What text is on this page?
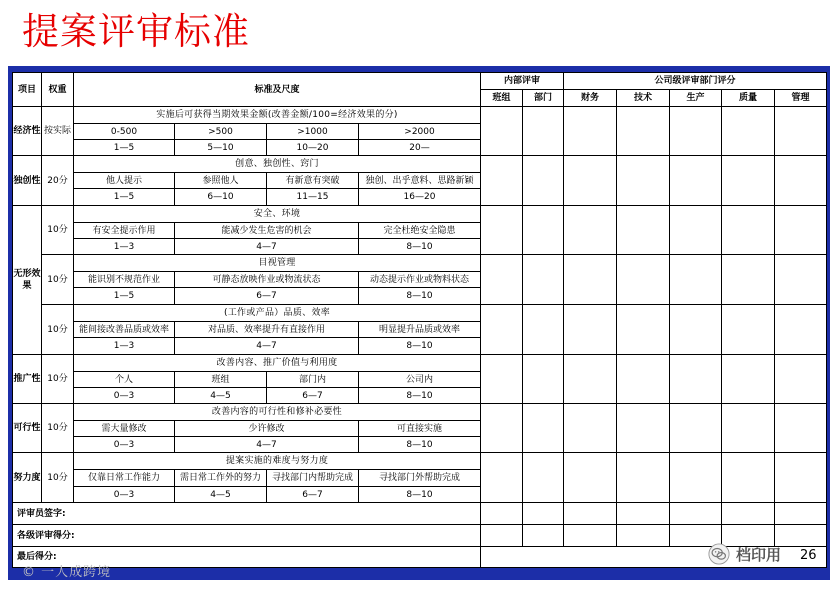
提案评审标准
项目	权重	标准及尺度				内部评审		公司级评审部门评分				
						班组	部门	财务	技术	生产	质量	管理
经济性	按实际	实施后可获得当期效果金额(改善金额/100=经济效果的分)										
		0-500	>500	>1000	>2000							
		1—5	5—10	10—20	20—							
独创性	20分	创意、独创性、窍门										
		他人提示	参照他人	有新意有突破	独创、出乎意料、思路新颖							
		1—5	6—10	11—15	16—20							
无形效果	10分	安全、环境										
		有安全提示作用	能减少发生危害的机会		完全杜绝安全隐患							
		1—3	4—7		8—10							
	10分	目视管理										
		能识别不规范作业	可静态放映作业或物流状态		动态提示作业或物料状态							
		1—5	6—7		8—10							
	10分	(工作或产品）品质、效率										
		能间接改善品质或效率	对品质、效率提升有直接作用		明显提升品质或效率							
		1—3	4—7		8—10							
推广性	10分	改善内容、推广价值与利用度										
		个人	班组	部门内	公司内							
		0—3	4—5	6—7	8—10							
可行性	10分	改善内容的可行性和修补必要性										
		需大量修改	少许修改		可直接实施							
		0—3	4—7		8—10							
努力度	10分	提案实施的难度与努力度										
		仅靠日常工作能力	需日常工作外的努力	寻找部门内帮助完成	寻找部门外帮助完成							
		0—3	4—5	6—7	8—10							
评审员签字:												
各级评审得分:												
最后得分:												
© 一人成跨境
档印用 26
